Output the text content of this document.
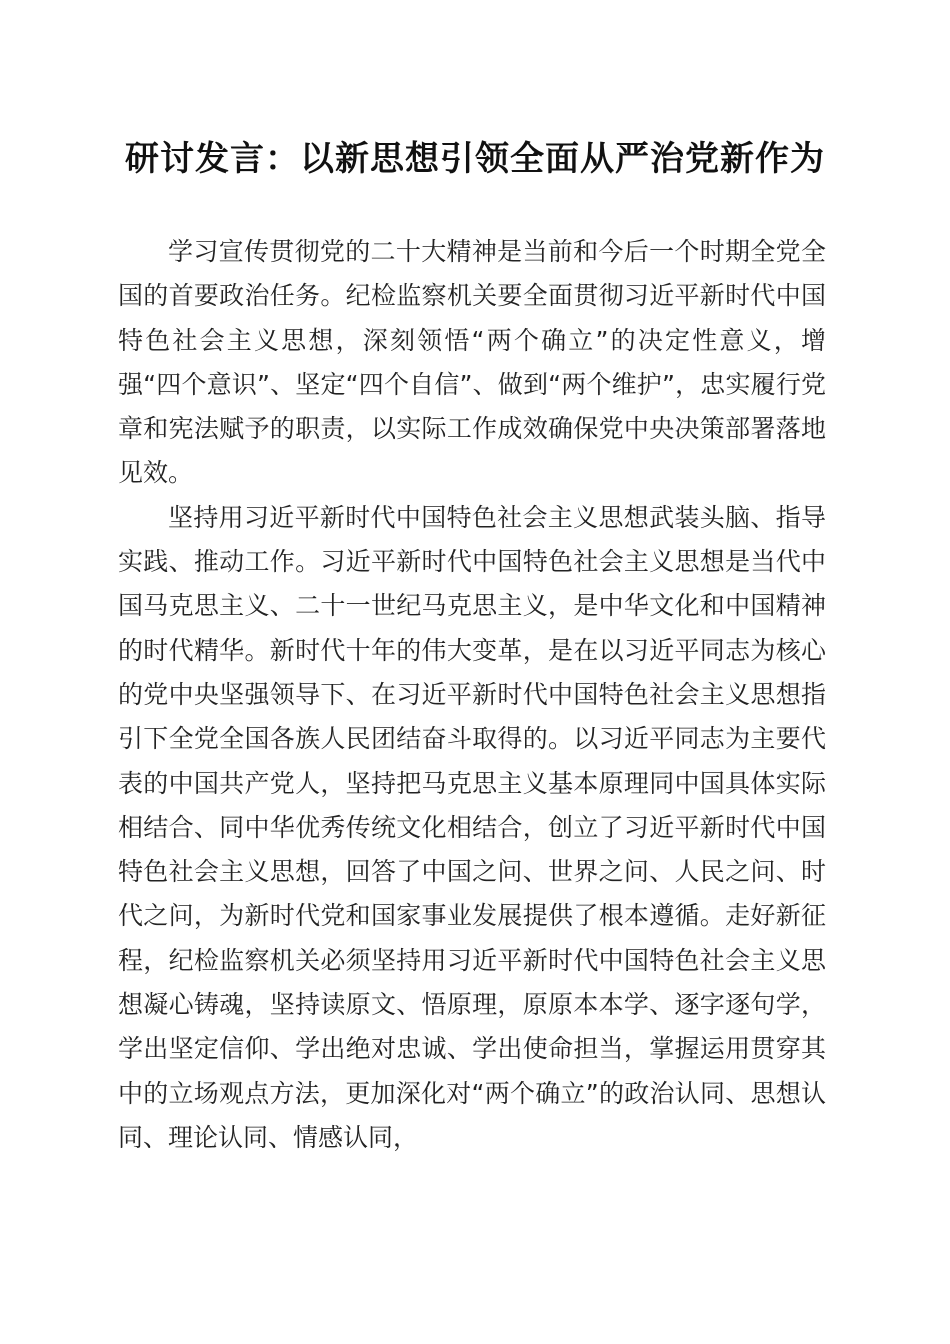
研讨发言：以新思想引领全面从严治党新作为

学习宣传贯彻党的二十大精神是当前和今后一个时期全党全国的首要政治任务。纪检监察机关要全面贯彻习近平新时代中国特色社会主义思想，深刻领悟“两个确立”的决定性意义，增强“四个意识”、坚定“四个自信”、做到“两个维护”，忠实履行党章和宪法赋予的职责，以实际工作成效确保党中央决策部署落地见效。

坚持用习近平新时代中国特色社会主义思想武装头脑、指导实践、推动工作。习近平新时代中国特色社会主义思想是当代中国马克思主义、二十一世纪马克思主义，是中华文化和中国精神的时代精华。新时代十年的伟大变革，是在以习近平同志为核心的党中央坚强领导下、在习近平新时代中国特色社会主义思想指引下全党全国各族人民团结奋斗取得的。以习近平同志为主要代表的中国共产党人，坚持把马克思主义基本原理同中国具体实际相结合、同中华优秀传统文化相结合，创立了习近平新时代中国特色社会主义思想，回答了中国之问、世界之问、人民之问、时代之问，为新时代党和国家事业发展提供了根本遵循。走好新征程，纪检监察机关必须坚持用习近平新时代中国特色社会主义思想凝心铸魂，坚持读原文、悟原理，原原本本学、逐字逐句学，学出坚定信仰、学出绝对忠诚、学出使命担当，掌握运用贯穿其中的立场观点方法，更加深化对“两个确立”的政治认同、思想认同、理论认同、情感认同，
